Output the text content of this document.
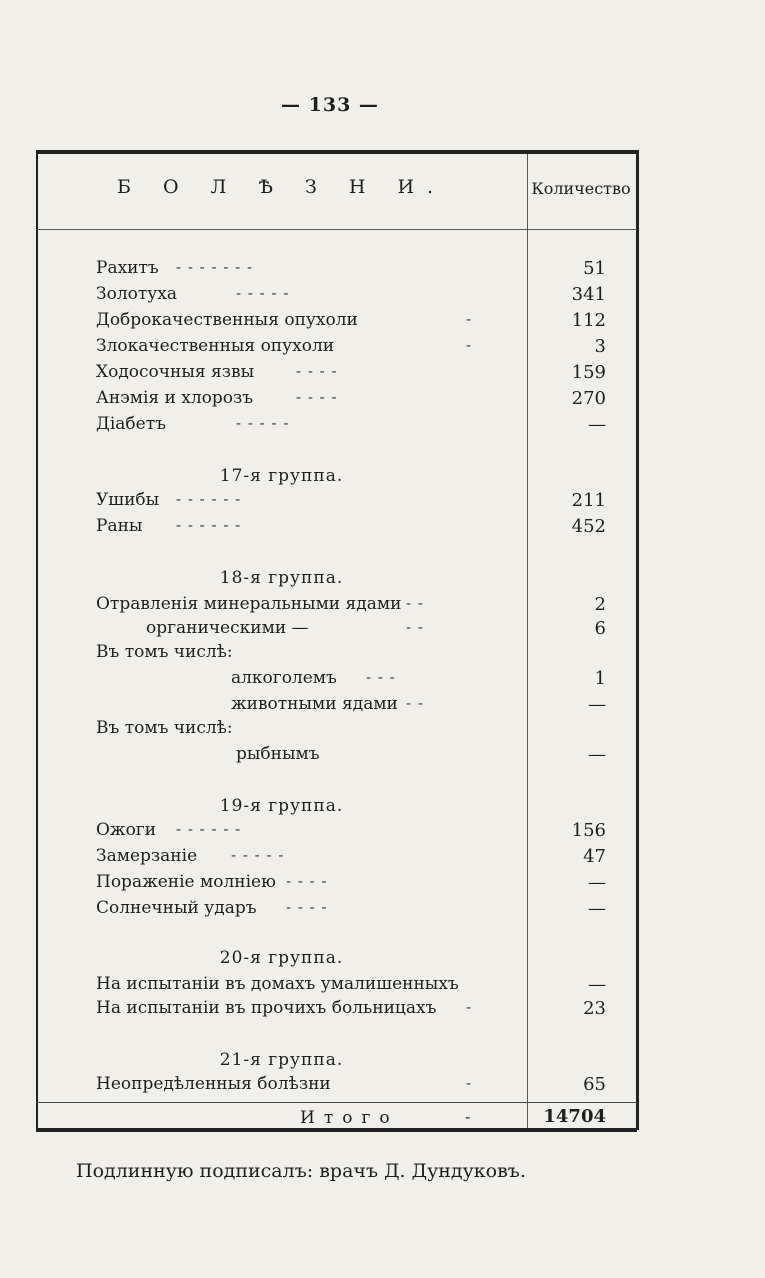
— 133 —
Б О Л Ѣ З Н И.	Количество
Рахитъ - - - - - - -	51
Золотуха	- - - - -	341
Доброкачественныя опухоли	-	112
Злокачественныя опухоли	-	3
Ходосочныя язвы	- - - -	159
Анэмія и хлорозъ	- - - -	270
Діабетъ	- - - - -	—
17-я группа.
Ушибы - - - - - -	211
Раны - - - - - -	452
18-я группа.
Отравленія минеральными ядами - -	2
органическими —	- -	6
Въ томъ числѣ:
алкоголемъ - - -	1
животными ядами - -	—
Въ томъ числѣ:
рыбнымъ	—
19-я группа.
Ожоги - - - - - -	156
Замерзаніе - - - - -	47
Пораженіе молніею - - - -	—
Солнечный ударъ - - - -	—
20-я группа.
На испытаніи въ домахъ умалишенныхъ	—
На испытаніи въ прочихъ больницахъ -	23
21-я группа.
Неопредѣленныя болѣзни	-	65
Итого	-	14704
Подлинную подписалъ: врачъ Д. Дундуковъ.
